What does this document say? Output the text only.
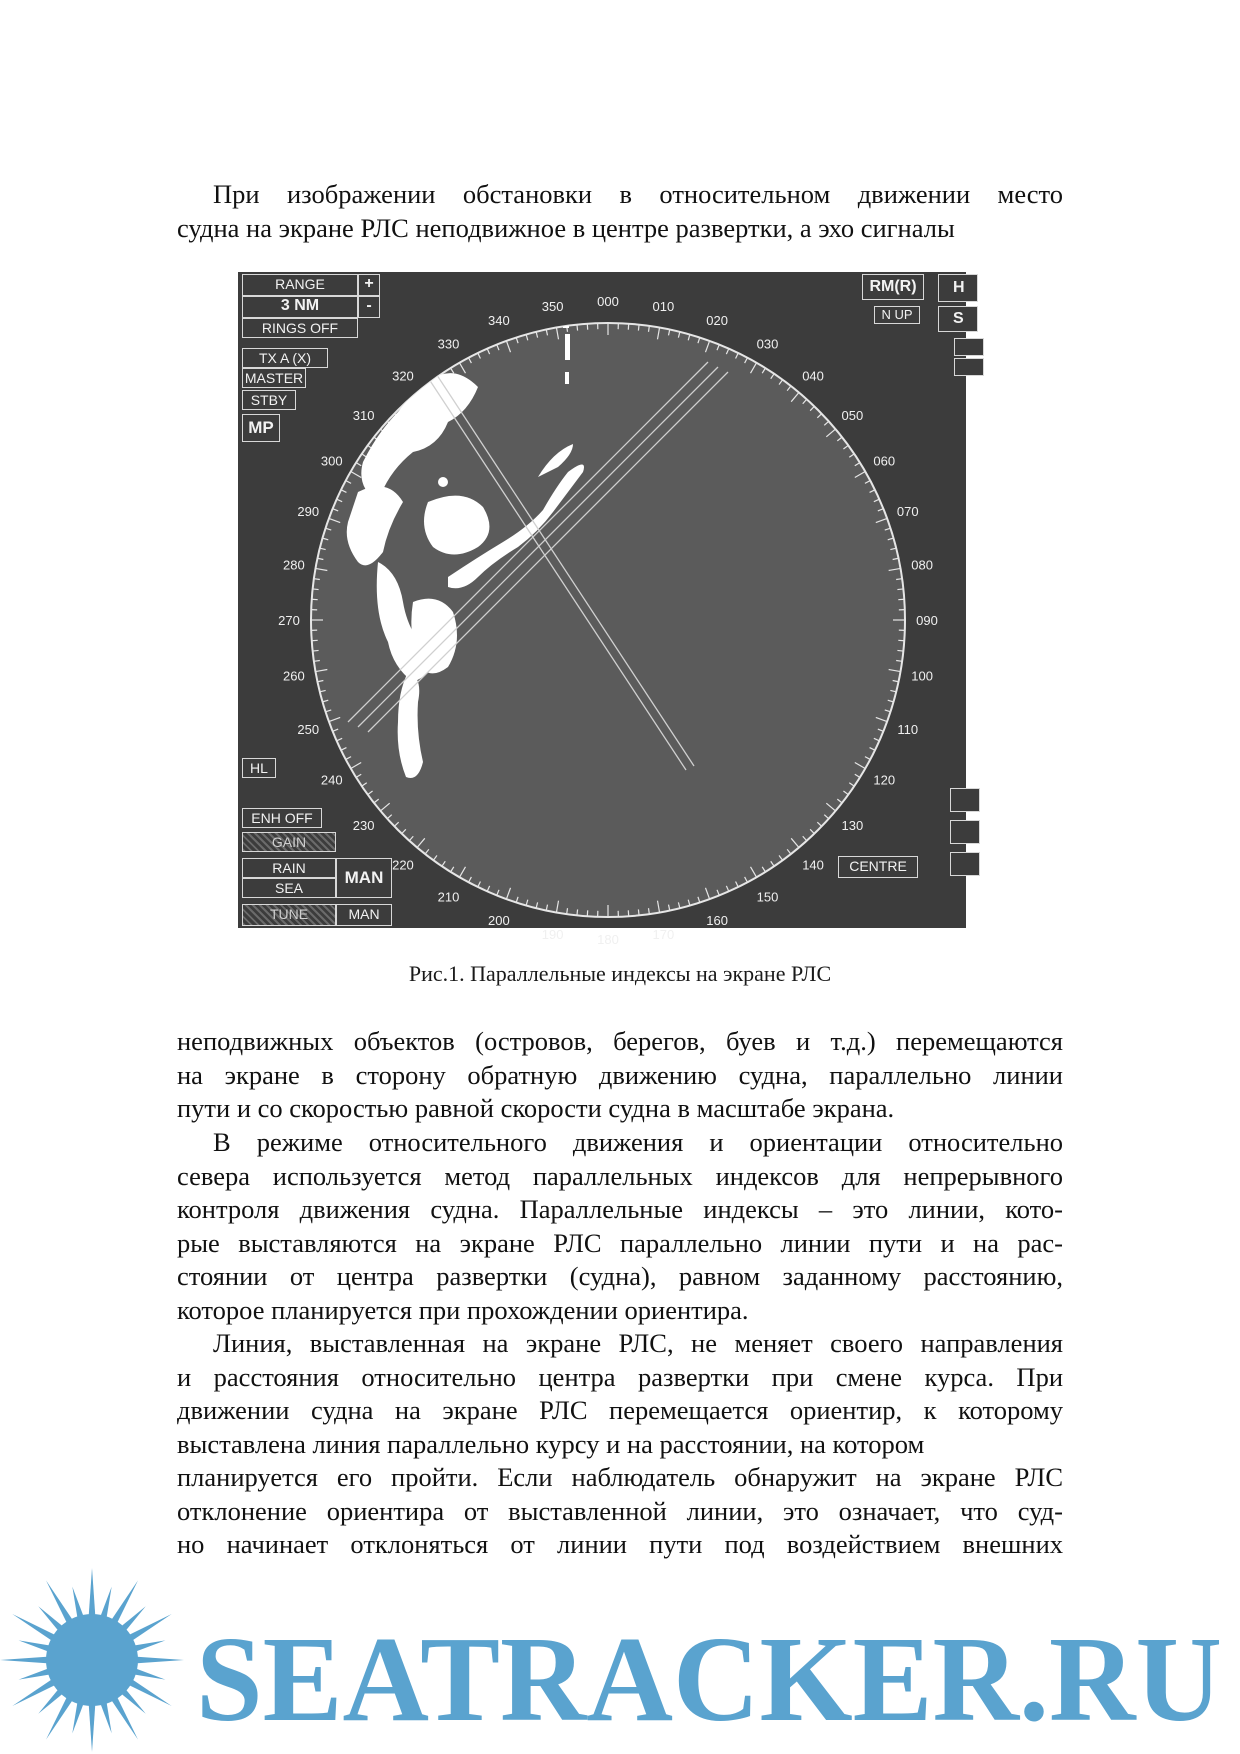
При изображении обстановки в относительном движении место
судна на экране РЛС неподвижное в центре развертки, а эхо сигналы
000	010
020
030
040
050
060
070
080
090
100
110
120
130
140
150
160
170
180
190
200
210
220
230
240
250
260
270
280
290
300
310
320
330
340
350
RANGE	+
3 NM	-
RINGS OFF
TX A (X)
MASTER
STBY
MP
RM(R)
N UP
H
S
HL
ENH OFF
GAIN
RAIN
SEA
MAN
TUNE	MAN
CENTRE
Рис.1. Параллельные индексы на экране РЛС
неподвижных объектов (островов, берегов, буев и т.д.) перемещаются
на экране в сторону обратную движению судна, параллельно линии
пути и со скоростью равной скорости судна в масштабе экрана.
В режиме относительного движения и ориентации относительно
севера используется метод параллельных индексов для непрерывного
контроля движения судна. Параллельные индексы – это линии, кото-
рые выставляются на экране РЛС параллельно линии пути и на рас-
стоянии от центра развертки (судна), равном заданному расстоянию,
которое планируется при прохождении ориентира.
Линия, выставленная на экране РЛС, не меняет своего направления
и расстояния относительно центра развертки при смене курса. При
движении судна на экране РЛС перемещается ориентир, к которому
выставлена линия параллельно курсу и на расстоянии, на котором
планируется его пройти. Если наблюдатель обнаружит на экране РЛС
отклонение ориентира от выставленной линии, это означает, что суд-
но начинает отклоняться от линии пути под воздействием внешних
SEATRACKER.RU
